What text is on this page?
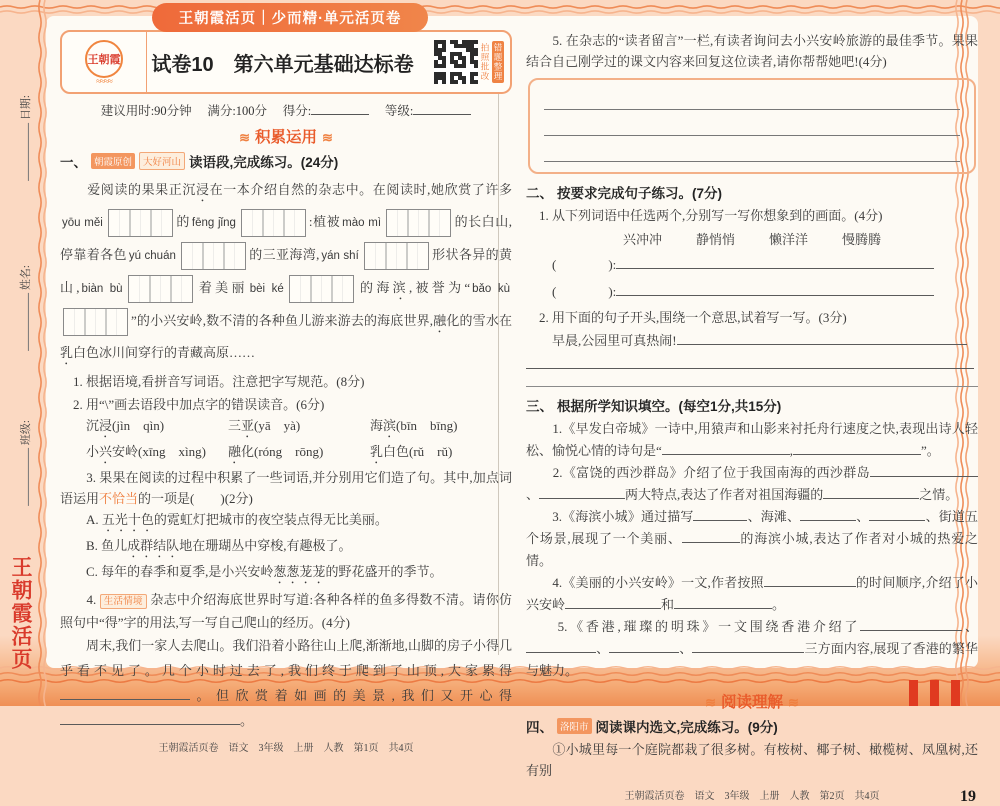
王朝霞活页｜少而精·单元活页卷
日期:
姓名:
班级:
王朝霞活页
王朝霞
≈≈≈≈
试卷10　第六单元基础达标卷	拍照批改 错题整理
建议用时:90分钟　 满分:100分　 得分:　	等级:
≋ 积累运用 ≋
一、 朝霞原创	大好河山 读语段,完成练习。(24分)
　　爱阅读的果果正沉浸在一本介绍自然的杂志中。在阅读时,她欣赏了许多yōu měi	的 fēng jǐng	:植被 mào mì	的长白山,停靠着各色 yú chuán	的三亚海湾, yán shí	形状各异的黄山, biàn bù	着美丽 bèi ké	的海滨,被誉为“ bǎo kù”的小兴安岭,数不清的各种鱼儿游来游去的海底世界,融化的雪水在乳白色冰川间穿行的青藏高原……
1. 根据语境,看拼音写词语。注意把字写规范。(8分)
2. 用“\”画去语段中加点字的错误读音。(6分)
沉浸(jìn　qìn)	三亚(yā　yà)	海滨(bīn　bīng)
小兴安岭(xīng　xìng)	融化(róng　rōng)	乳白色(rǔ　rǔ)
　　3. 果果在阅读的过程中积累了一些词语,并分别用它们造了句。其中,加点词语运用不恰当的一项是(　　)(2分)
A. 五光十色的霓虹灯把城市的夜空装点得无比美丽。
B. 鱼儿成群结队地在珊瑚丛中穿梭,有趣极了。
C. 每年的春季和夏季,是小兴安岭葱葱茏茏的野花盛开的季节。
　　4. 生活情境 杂志中介绍海底世界时写道:各种各样的鱼多得数不清。请你仿照句中“得”字的用法,写一写自己爬山的经历。(4分)
　　周末,我们一家人去爬山。我们沿着小路往山上爬,渐渐地,山脚的房子小得几乎看不见了。几个小时过去了,我们终于爬到了山顶,大家累得。但欣赏着如画的美景,我们又开心得。
王朝霞活页卷　语文　3年级　上册　人教　第1页　共4页
　　5. 在杂志的“读者留言”一栏,有读者询问去小兴安岭旅游的最佳季节。果果结合自己刚学过的课文内容来回复这位读者,请你帮帮她吧!(4分)
二、 按要求完成句子练习。(7分)
1. 从下列词语中任选两个,分别写一写你想象到的画面。(4分)
兴冲冲	静悄悄	懒洋洋	慢腾腾
(　　　　):
(　　　　):
2. 用下面的句子开头,围绕一个意思,试着写一写。(3分)
早晨,公园里可真热闹!
三、 根据所学知识填空。(每空1分,共15分)
　　1.《早发白帝城》一诗中,用猿声和山影来衬托舟行速度之快,表现出诗人轻松、愉悦心情的诗句是“	,	”。
　　2.《富饶的西沙群岛》介绍了位于我国南海的西沙群岛、	两大特点,表达了作者对祖国海疆的	之情。
　　3.《海滨小城》通过描写	、海滩、	、	、街道五个场景,展现了一个美丽、	的海滨小城,表达了作者对小城的热爱之情。
　　4.《美丽的小兴安岭》一文,作者按照	的时间顺序,介绍了小兴安岭	和	。
　　5.《香港,璀璨的明珠》一文围绕香港介绍了	、、	、	三方面内容,展现了香港的繁华与魅力。
≋ 阅读理解 ≋
四、 洛阳市 阅读课内选文,完成练习。(9分)
　　①小城里每一个庭院都栽了很多树。有桉树、椰子树、橄榄树、凤凰树,还有别
王朝霞活页卷　语文　3年级　上册　人教　第2页　共4页	19
